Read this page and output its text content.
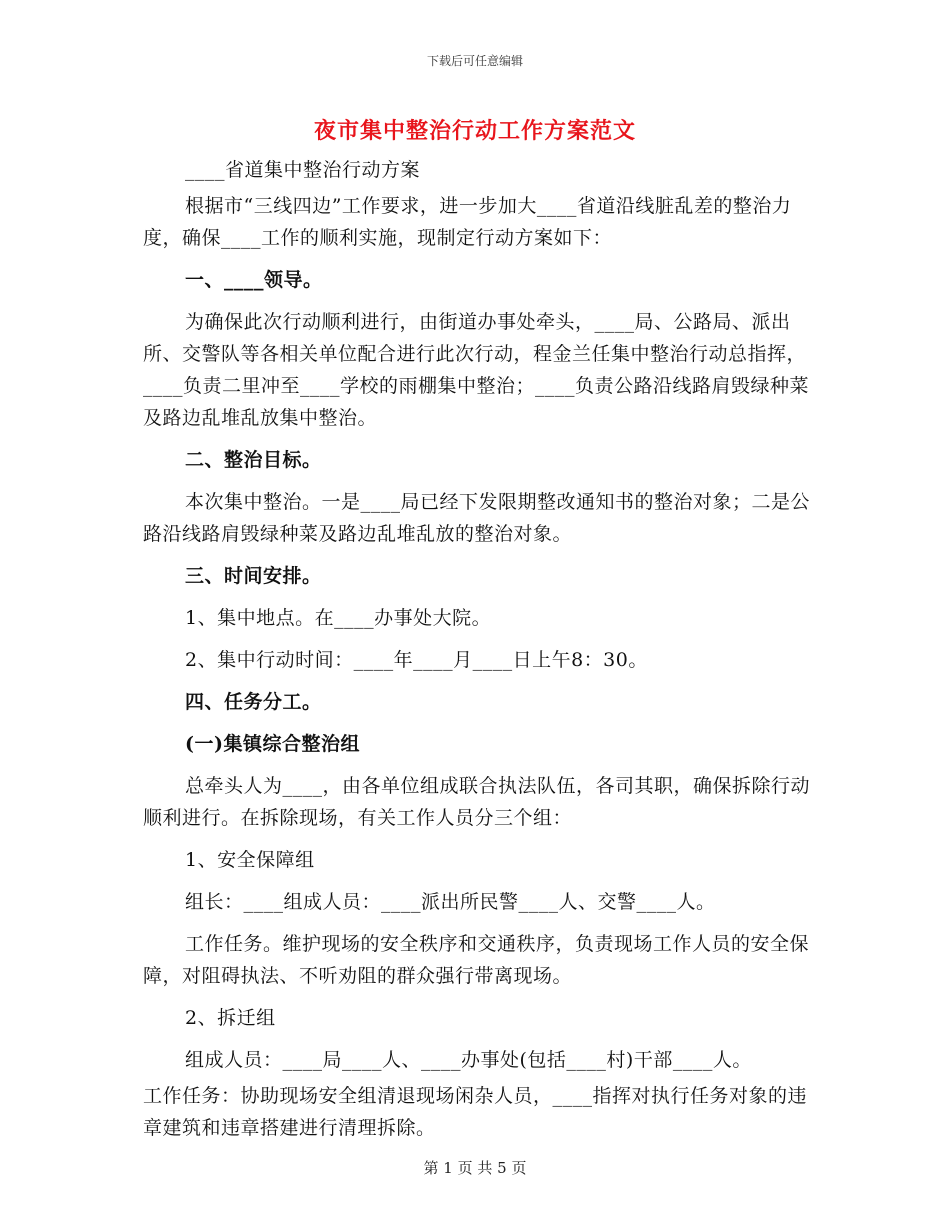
下载后可任意编辑
夜市集中整治行动工作方案范文

____省道集中整治行动方案

根据市“三线四边”工作要求，进一步加大____省道沿线脏乱差的整治力度，确保____工作的顺利实施，现制定行动方案如下：

一、____领导。

为确保此次行动顺利进行，由街道办事处牵头，____局、公路局、派出所、交警队等各相关单位配合进行此次行动，程金兰任集中整治行动总指挥，____负责二里冲至____学校的雨棚集中整治；____负责公路沿线路肩毁绿种菜及路边乱堆乱放集中整治。

二、整治目标。

本次集中整治。一是____局已经下发限期整改通知书的整治对象；二是公路沿线路肩毁绿种菜及路边乱堆乱放的整治对象。

三、时间安排。

1、集中地点。在____办事处大院。

2、集中行动时间：____年____月____日上午8：30。

四、任务分工。

(一)集镇综合整治组

总牵头人为____，由各单位组成联合执法队伍，各司其职，确保拆除行动顺利进行。在拆除现场，有关工作人员分三个组：

1、安全保障组

组长：____组成人员：____派出所民警____人、交警____人。

工作任务。维护现场的安全秩序和交通秩序，负责现场工作人员的安全保障，对阻碍执法、不听劝阻的群众强行带离现场。

2、拆迁组

组成人员：____局____人、____办事处(包括____村)干部____人。

工作任务：协助现场安全组清退现场闲杂人员，____指挥对执行任务对象的违章建筑和违章搭建进行清理拆除。

第 1 页 共 5 页
